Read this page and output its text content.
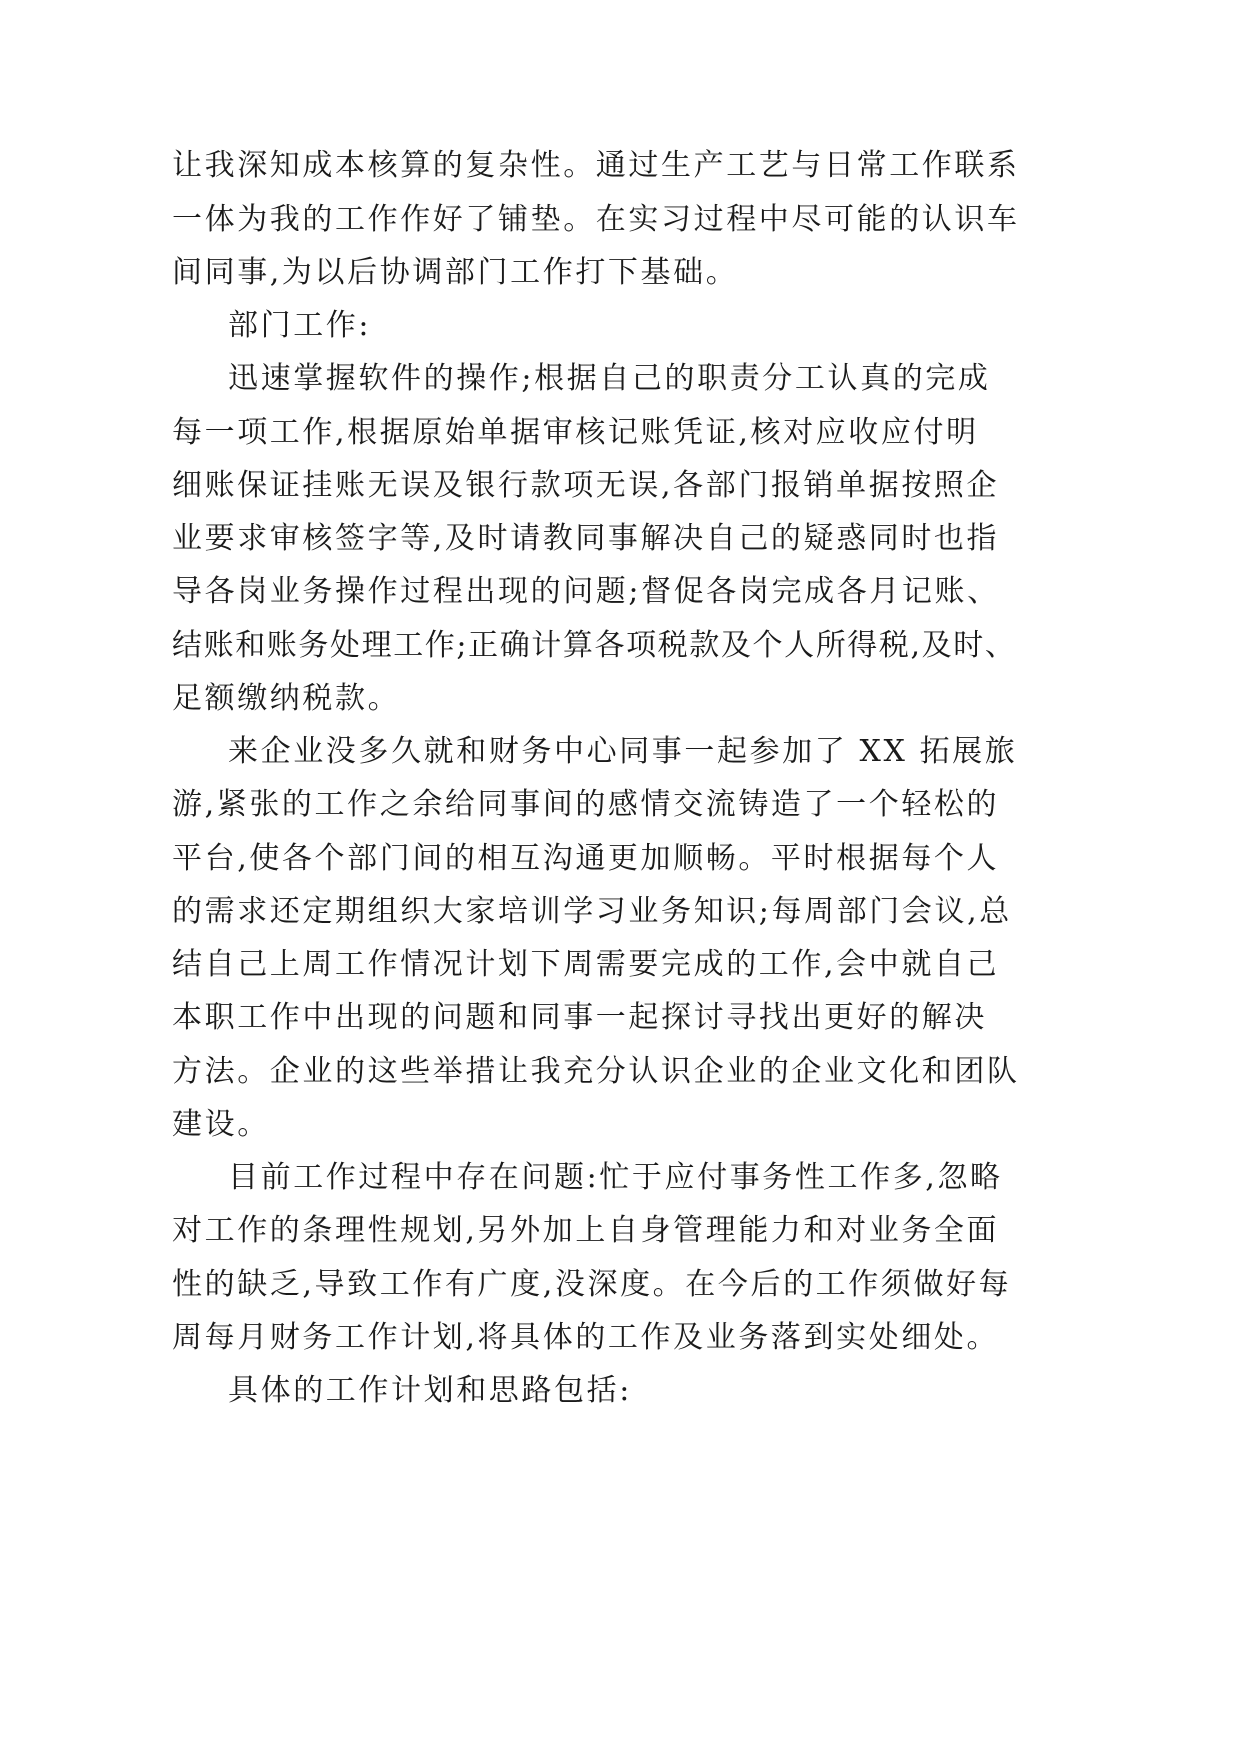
让我深知成本核算的复杂性。通过生产工艺与日常工作联系
一体为我的工作作好了铺垫。在实习过程中尽可能的认识车
间同事,为以后协调部门工作打下基础。
部门工作:
迅速掌握软件的操作;根据自己的职责分工认真的完成
每一项工作,根据原始单据审核记账凭证,核对应收应付明
细账保证挂账无误及银行款项无误,各部门报销单据按照企
业要求审核签字等,及时请教同事解决自己的疑惑同时也指
导各岗业务操作过程出现的问题;督促各岗完成各月记账、
结账和账务处理工作;正确计算各项税款及个人所得税,及时、
足额缴纳税款。
来企业没多久就和财务中心同事一起参加了 XX 拓展旅
游,紧张的工作之余给同事间的感情交流铸造了一个轻松的
平台,使各个部门间的相互沟通更加顺畅。平时根据每个人
的需求还定期组织大家培训学习业务知识;每周部门会议,总
结自己上周工作情况计划下周需要完成的工作,会中就自己
本职工作中出现的问题和同事一起探讨寻找出更好的解决
方法。企业的这些举措让我充分认识企业的企业文化和团队
建设。
目前工作过程中存在问题:忙于应付事务性工作多,忽略
对工作的条理性规划,另外加上自身管理能力和对业务全面
性的缺乏,导致工作有广度,没深度。在今后的工作须做好每
周每月财务工作计划,将具体的工作及业务落到实处细处。
具体的工作计划和思路包括:
